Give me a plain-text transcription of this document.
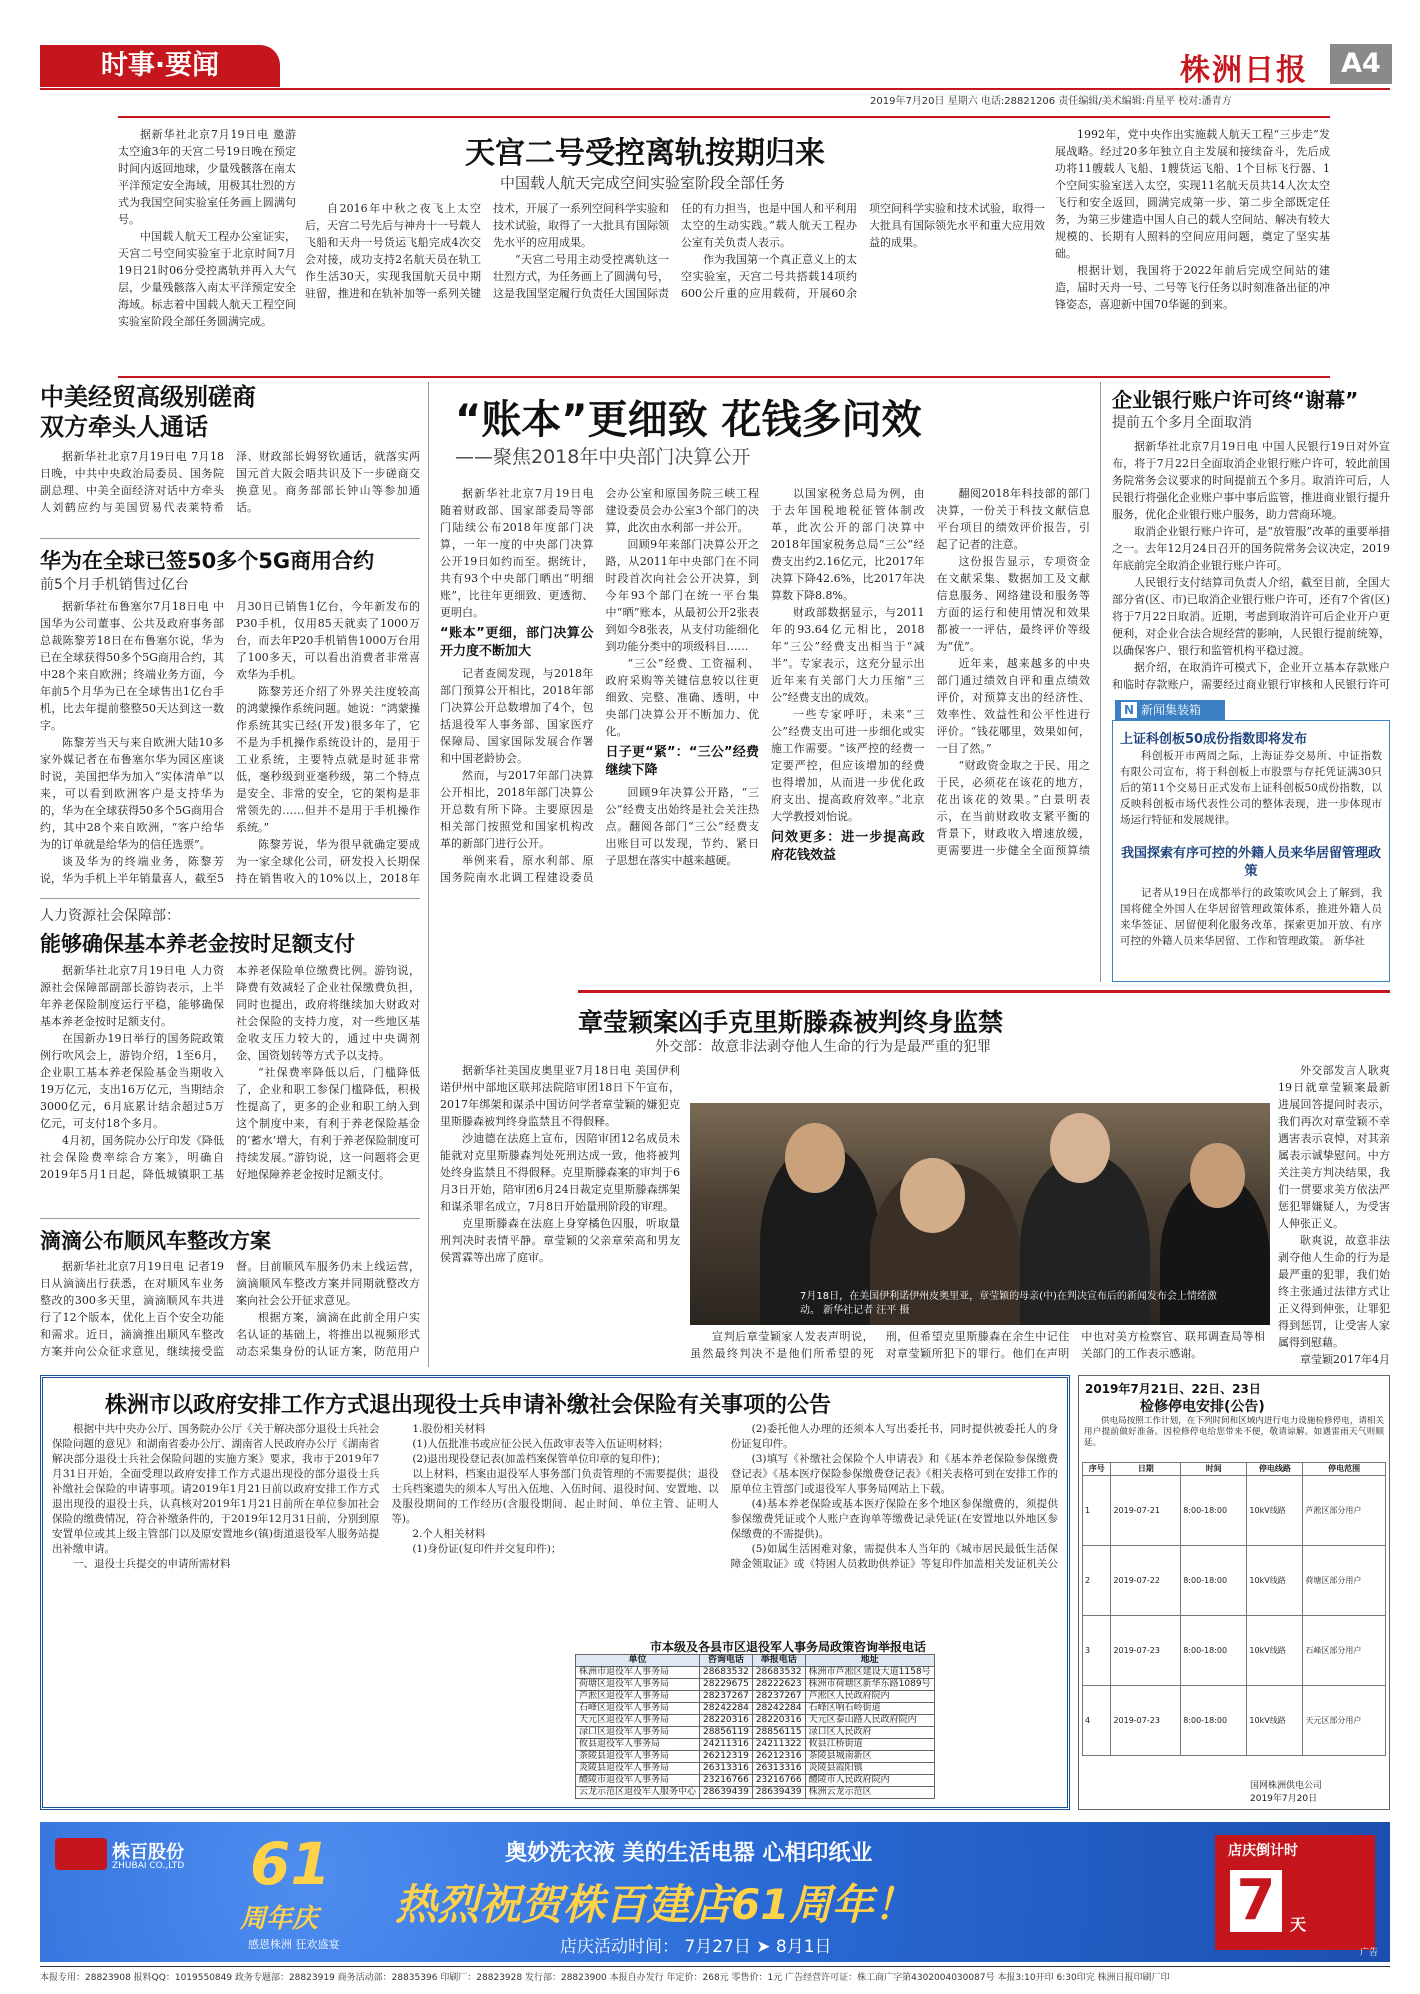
时事·要闻	株洲日报	A4
2019年7月20日 星期六 电话:28821206 责任编辑/美术编辑:肖星平 校对:潘青方
天宫二号受控离轨按期归来
中国载人航天完成空间实验室阶段全部任务

据新华社北京7月19日电 邀游太空逾3年的天宫二号19日晚在预定时间内返回地球，少量残骸落在南太平洋预定安全海域，用极其壮烈的方式为我国空间实验室任务画上圆满句号。

中国载人航天工程办公室证实，天宫二号空间实验室于北京时间7月19日21时06分受控离轨并再入大气层，少量残骸落入南太平洋预定安全海域。标志着中国载人航天工程空间实验室阶段全部任务圆满完成。

自2016年中秋之夜飞上太空后，天宫二号先后与神舟十一号载人飞船和天舟一号货运飞船完成4次交会对接，成功支持2名航天员在轨工作生活30天，实现我国航天员中期驻留，推进和在轨补加等一系列关键技术，开展了一系列空间科学实验和技术试验，取得了一大批具有国际领先水平的应用成果。

“天宫二号用主动受控离轨这一壮烈方式，为任务画上了圆满句号，这是我国坚定履行负责任大国国际责任的有力担当，也是中国人和平利用太空的生动实践。”载人航天工程办公室有关负责人表示。

作为我国第一个真正意义上的太空实验室，天宫二号共搭载14项约600公斤重的应用载荷，开展60余项空间科学实验和技术试验，取得一大批具有国际领先水平和重大应用效益的成果。

1992年，党中央作出实施载人航天工程“三步走”发展战略。经过20多年独立自主发展和接续奋斗，先后成功将11艘载人飞船、1艘货运飞船、1个目标飞行器、1个空间实验室送入太空，实现11名航天员共14人次太空飞行和安全返回，圆满完成第一步、第二步全部既定任务，为第三步建造中国人自己的载人空间站、解决有较大规模的、长期有人照料的空间应用问题，奠定了坚实基础。

根据计划，我国将于2022年前后完成空间站的建造，届时天舟一号、二号等飞行任务以时刻准备出征的冲锋姿态，喜迎新中国70华诞的到来。

中美经贸高级别磋商
双方牵头人通话

据新华社北京7月19日电 7月18日晚，中共中央政治局委员、国务院副总理、中美全面经济对话中方牵头人刘鹤应约与美国贸易代表莱特希泽、财政部长姆努钦通话，就落实两国元首大阪会晤共识及下一步磋商交换意见。商务部部长钟山等参加通话。

华为在全球已签50多个5G商用合约
前5个月手机销售过亿台

据新华社布鲁塞尔7月18日电 中国华为公司董事、公共及政府事务部总裁陈黎芳18日在布鲁塞尔说，华为已在全球获得50多个5G商用合约，其中28个来自欧洲；终端业务方面，今年前5个月华为已在全球售出1亿台手机，比去年提前整整50天达到这一数字。

陈黎芳当天与来自欧洲大陆10多家外媒记者在布鲁塞尔华为园区座谈时说，美国把华为加入“实体清单”以来，可以看到欧洲客户是支持华为的，华为在全球获得50多个5G商用合约，其中28个来自欧洲，“客户给华为的订单就是给华为的信任选票”。

谈及华为的终端业务，陈黎芳说，华为手机上半年销量喜人，截至5月30日已销售1亿台，今年新发布的P30手机，仅用85天就卖了1000万台，而去年P20手机销售1000万台用了100多天，可以看出消费者非常喜欢华为手机。

陈黎芳还介绍了外界关注度较高的鸿蒙操作系统问题。她说：“鸿蒙操作系统其实已经(开发)很多年了，它不是为手机操作系统设计的，是用于工业系统，主要特点就是时延非常低，毫秒级到亚毫秒级，第二个特点是安全、非常的安全，它的架构是非常领先的……但并不是用于手机操作系统。”

陈黎芳说，华为很早就确定要成为一家全球化公司，研发投入长期保持在销售收入的10%以上，2018年

人力资源社会保障部：
能够确保基本养老金按时足额支付

据新华社北京7月19日电 人力资源社会保障部副部长游钧表示，上半年养老保险制度运行平稳，能够确保基本养老金按时足额支付。

在国新办19日举行的国务院政策例行吹风会上，游钧介绍，1至6月，企业职工基本养老保险基金当期收入19万亿元，支出16万亿元，当期结余3000亿元，6月底累计结余超过5万亿元，可支付18个多月。

4月初，国务院办公厅印发《降低社会保险费率综合方案》，明确自2019年5月1日起，降低城镇职工基本养老保险单位缴费比例。游钧说，降费有效减轻了企业社保缴费负担，同时也提出，政府将继续加大财政对社会保险的支持力度，对一些地区基金收支压力较大的，通过中央调剂金、国资划转等方式予以支持。

“社保费率降低以后，门槛降低了，企业和职工参保门槛降低，积极性提高了，更多的企业和职工纳入到这个制度中来，有利于养老保险基金的‘蓄水’增大，有利于养老保险制度可持续发展。”游钧说，这一问题将会更好地保障养老金按时足额支付。

滴滴公布顺风车整改方案

据新华社北京7月19日电 记者19日从滴滴出行获悉，在对顺风车业务整改的300多天里，滴滴顺风车共进行了12个版本，优化上百个安全功能和需求。近日，滴滴推出顺风车整改方案并向公众征求意见，继续接受监督。目前顺风车服务仍未上线运营，滴滴顺风车整改方案并同期就整改方案向社会公开征求意见。

根据方案，滴滴在此前全用户实名认证的基础上，将推出以视频形式动态采集身份的认证方案，防范用户

“账本”更细致 花钱多问效
——聚焦2018年中央部门决算公开

据新华社北京7月19日电 随着财政部、国家部委局等部门陆续公布2018年度部门决算，一年一度的中央部门决算公开19日如约而至。据统计，共有93个中央部门晒出“明细账”，比往年更细致、更透彻、更明白。

“账本”更细，部门决算公开力度不断加大

记者查阅发现，与2018年部门预算公开相比，2018年部门决算公开总数增加了4个，包括退役军人事务部、国家医疗保障局、国家国际发展合作署和中国老龄协会。

然而，与2017年部门决算公开相比，2018年部门决算公开总数有所下降。主要原因是相关部门按照党和国家机构改革的新部门进行公开。

举例来看，原水利部、原国务院南水北调工程建设委员会办公室和原国务院三峡工程建设委员会办公室3个部门的决算，此次由水利部一并公开。

回顾9年来部门决算公开之路，从2011年中央部门在不同时段首次向社会公开决算，到今年93个部门在统一平台集中“晒”账本，从最初公开2张表到如今8张表，从支付功能细化到功能分类中的项级科目……

“三公”经费、工资福利、政府采购等关键信息较以往更细致、完整、准确、透明，中央部门决算公开不断加力、优化。

日子更“紧”：“三公”经费继续下降

回顾9年决算公开路，“三公”经费支出始终是社会关注热点。翻阅各部门“三公”经费支出账目可以发现，节约、紧日子思想在落实中越来越硬。

以国家税务总局为例，由于去年国税地税征管体制改革，此次公开的部门决算中2018年国家税务总局“三公”经费支出约2.16亿元，比2017年决算下降42.6%，比2017年决算数下降8.8%。

财政部数据显示，与2011年的93.64亿元相比，2018年“三公”经费支出相当于“减半”。专家表示，这充分显示出近年来有关部门大力压缩“三公”经费支出的成效。

一些专家呼吁，未来“三公”经费支出可进一步细化或实施工作需要。“该严控的经费一定要严控，但应该增加的经费也得增加，从而进一步优化政府支出、提高政府效率。”北京大学教授刘怡说。

问效更多：进一步提高政府花钱效益

翻阅2018年科技部的部门决算，一份关于科技文献信息平台项目的绩效评价报告，引起了记者的注意。

这份报告显示，专项资金在文献采集、数据加工及文献信息服务、网络建设和服务等方面的运行和使用情况和效果都被一一评估，最终评价等级为“优”。

近年来，越来越多的中央部门通过绩效自评和重点绩效评价，对预算支出的经济性、效率性、效益性和公平性进行评价。“钱花哪里，效果如何，一目了然。”

“财政资金取之于民、用之于民，必须花在该花的地方，花出该花的效果。”白景明表示，在当前财政收支紧平衡的背景下，财政收入增速放缓，更需要进一步健全全面预算绩

企业银行账户许可终“谢幕”
提前五个多月全面取消

据新华社北京7月19日电 中国人民银行19日对外宣布，将于7月22日全面取消企业银行账户许可，较此前国务院常务会议要求的时间提前五个多月。取消许可后，人民银行将强化企业账户事中事后监管，推进商业银行提升服务，优化企业银行账户服务，助力营商环境。

取消企业银行账户许可，是“放管服”改革的重要举措之一。去年12月24日召开的国务院常务会议决定，2019年底前完全取消企业银行账户许可。

人民银行支付结算司负责人介绍，截至目前，全国大部分省(区、市)已取消企业银行账户许可，还有7个省(区)将于7月22日取消。近期，考虑到取消许可后企业开户更便利，对企业合法合规经营的影响，人民银行提前统筹，以确保客户、银行和监管机构平稳过渡。

据介绍，在取消许可模式下，企业开立基本存款账户和临时存款账户，需要经过商业银行审核和人民银行许可

N 新闻集装箱
上证科创板50成份指数即将发布

科创板开市两周之际，上海证券交易所、中证指数有限公司宣布，将于科创板上市股票与存托凭证满30只后的第11个交易日正式发布上证科创板50成份指数，以反映科创板市场代表性公司的整体表现，进一步体现市场运行特征和发展规律。

我国探索有序可控的外籍人员来华居留管理政策

记者从19日在成都举行的政策吹风会上了解到，我国将健全外国人在华居留管理政策体系，推进外籍人员来华签证、居留便利化服务改革，探索更加开放、有序可控的外籍人员来华居留、工作和管理政策。 新华社

章莹颖案凶手克里斯滕森被判终身监禁
外交部：故意非法剥夺他人生命的行为是最严重的犯罪

据新华社美国皮奥里亚7月18日电 美国伊利诺伊州中部地区联邦法院陪审团18日下午宣布，2017年绑架和谋杀中国访问学者章莹颖的嫌犯克里斯滕森被判终身监禁且不得假释。

沙迪德在法庭上宣布，因陪审团12名成员未能就对克里斯滕森判处死刑达成一致，他将被判处终身监禁且不得假释。克里斯滕森案的审判于6月3日开始，陪审团6月24日裁定克里斯滕森绑架和谋杀罪名成立，7月8日开始量刑阶段的审理。

克里斯滕森在法庭上身穿橘色囚服，听取量刑判决时表情平静。章莹颖的父亲章荣高和男友侯霄霖等出席了庭审。

7月18日，在美国伊利诺伊州皮奥里亚，章莹颖的母亲(中)在判决宣布后的新闻发布会上情绪激动。 新华社记者 汪平 摄

宣判后章莹颖家人发表声明说，虽然最终判决不是他们所希望的死刑，但希望克里斯滕森在余生中记住对章莹颖所犯下的罪行。他们在声明中也对美方检察官、联邦调查局等相关部门的工作表示感谢。

外交部发言人耿爽19日就章莹颖案最新进展回答提问时表示，我们再次对章莹颖不幸遇害表示哀悼，对其亲属表示诚挚慰问。中方关注美方判决结果，我们一贯要求美方依法严惩犯罪嫌疑人，为受害人伸张正义。

耿爽说，故意非法剥夺他人生命的行为是最严重的犯罪，我们始终主张通过法律方式让正义得到伸张，让罪犯得到惩罚，让受害人家属得到慰藉。

章莹颖2017年4月

株洲市以政府安排工作方式退出现役士兵申请补缴社会保险有关事项的公告

根据中共中央办公厅、国务院办公厅《关于解决部分退役士兵社会保险问题的意见》和湖南省委办公厅、湖南省人民政府办公厅《湖南省解决部分退役士兵社会保险问题的实施方案》要求，我市于2019年7月31日开始，全面受理以政府安排工作方式退出现役的部分退役士兵补缴社会保险的申请事项。请2019年1月21日前以政府安排工作方式退出现役的退役士兵，认真核对2019年1月21日前所在单位参加社会保险的缴费情况，符合补缴条件的，于2019年12月31日前，分别到原安置单位或其上级主管部门以及原安置地乡(镇)街道退役军人服务站提出补缴申请。

一、退役士兵提交的申请所需材料

1.股份相关材料

(1)人伍批准书或应征公民入伍政审表等入伍证明材料；

(2)退出现役登记表(加盖档案保管单位印章的复印件)；

以上材料，档案由退役军人事务部门负责管理的不需要提供；退役士兵档案遗失的须本人写出入伍地、入伍时间、退役时间、安置地、以及服役期间的工作经历(含服役期间、起止时间、单位主管、证明人等)。

2.个人相关材料

(1)身份证(复印件并交复印件)；

(2)委托他人办理的还须本人写出委托书，同时提供被委托人的身份证复印件。

(3)填写《补缴社会保险个人申请表》和《基本养老保险参保缴费登记表》《基本医疗保险参保缴费登记表》《相关表格可到在安排工作的原单位主管部门或退役军人事务局网站上下载。

(4)基本养老保险或基本医疗保险在多个地区参保缴费的，须提供参保缴费凭证或个人账户查询单等缴费记录凭证(在安置地以外地区参保缴费的不需提供)。

(5)如属生活困难对象，需提供本人当年的《城市居民最低生活保障金领取证》或《特困人员救助供养证》等复印件加盖相关发证机关公

市本级及各县市区退役军人事务局政策咨询举报电话
单位	咨询电话	举报电话	地址
株洲市退役军人事务局	28683532	28683532	株洲市芦淞区建设大道1158号
荷塘区退役军人事务局	28229675	28222623	株洲市荷塘区新华东路1089号
芦淞区退役军人事务局	28237267	28237267	芦淞区人民政府院内
石峰区退役军人事务局	28242284	28242284	石峰区响石岭街道
天元区退役军人事务局	28220316	28220316	天元区泰山路人民政府院内
渌口区退役军人事务局	28856119	28856115	渌口区人民政府
攸县退役军人事务局	24211316	24211322	攸县江桥街道
茶陵县退役军人事务局	26212319	26212316	茶陵县城南新区
炎陵县退役军人事务局	26313316	26313316	炎陵县霞阳镇
醴陵市退役军人事务局	23216766	23216766	醴陵市人民政府院内
云龙示范区退役军人服务中心	28639439	28639439	株洲云龙示范区
2019年7月21日、22日、23日
检修停电安排(公告)

供电局按照工作计划，在下列时间和区域内进行电力设施检修停电，请相关用户提前做好准备。因检修停电给您带来不便，敬请谅解。如遇雷雨天气则顺延。

序号	日期	时间	停电线路	停电范围
1	2019-07-21	8:00-18:00	10kV线路	芦淞区部分用户
2	2019-07-22	8:00-18:00	10kV线路	荷塘区部分用户
3	2019-07-23	8:00-18:00	10kV线路	石峰区部分用户
4	2019-07-23	8:00-18:00	10kV线路	天元区部分用户
国网株洲供电公司
2019年7月20日
株百股份
ZHUBAI CO.,LTD 61
周年庆
感恩株洲 狂欢盛宴
奥妙洗衣液 美的生活电器 心相印纸业
热烈祝贺株百建店61周年！
店庆活动时间： 7月27日 ➤ 8月1日
店庆倒计时
7 天
广告
本报专用：28823908 报料QQ：1019550849 政务专题部：28823919 商务活动部：28835396 印刷厂：28823928 发行部：28823900 本报自办发行 年定价：268元 零售价：1元 广告经营许可证：株工商广字第4302004030087号 本报3:10开印 6:30印完 株洲日报印刷厂印
